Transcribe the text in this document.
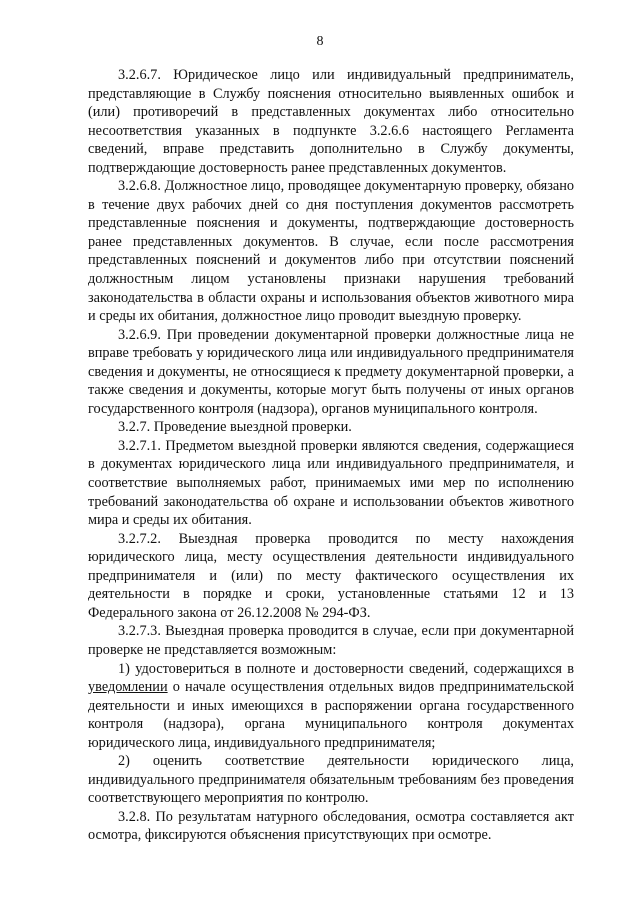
8

3.2.6.7. Юридическое лицо или индивидуальный предприниматель, представляющие в Службу пояснения относительно выявленных ошибок и (или) противоречий в представленных документах либо относительно несоответствия указанных в подпункте 3.2.6.6 настоящего Регламента сведений, вправе представить дополнительно в Службу документы, подтверждающие достоверность ранее представленных документов.

3.2.6.8. Должностное лицо, проводящее документарную проверку, обязано в течение двух рабочих дней со дня поступления документов рассмотреть представленные пояснения и документы, подтверждающие достоверность ранее представленных документов. В случае, если после рассмотрения представленных пояснений и документов либо при отсутствии пояснений должностным лицом установлены признаки нарушения требований законодательства в области охраны и использования объектов животного мира и среды их обитания, должностное лицо проводит выездную проверку.

3.2.6.9. При проведении документарной проверки должностные лица не вправе требовать у юридического лица или индивидуального предпринимателя сведения и документы, не относящиеся к предмету документарной проверки, а также сведения и документы, которые могут быть получены от иных органов государственного контроля (надзора), органов муниципального контроля.

3.2.7. Проведение выездной проверки.

3.2.7.1. Предметом выездной проверки являются сведения, содержащиеся в документах юридического лица или индивидуального предпринимателя, и соответствие выполняемых работ, принимаемых ими мер по исполнению требований законодательства об охране и использовании объектов животного мира и среды их обитания.

3.2.7.2. Выездная проверка проводится по месту нахождения юридического лица, месту осуществления деятельности индивидуального предпринимателя и (или) по месту фактического осуществления их деятельности в порядке и сроки, установленные статьями 12 и 13 Федерального закона от 26.12.2008 № 294-ФЗ.

3.2.7.3. Выездная проверка проводится в случае, если при документарной проверке не представляется возможным:

1) удостовериться в полноте и достоверности сведений, содержащихся в уведомлении о начале осуществления отдельных видов предпринимательской деятельности и иных имеющихся в распоряжении органа государственного контроля (надзора), органа муниципального контроля документах юридического лица, индивидуального предпринимателя;

2) оценить соответствие деятельности юридического лица, индивидуального предпринимателя обязательным требованиям без проведения соответствующего мероприятия по контролю.

3.2.8. По результатам натурного обследования, осмотра составляется акт осмотра, фиксируются объяснения присутствующих при осмотре.
